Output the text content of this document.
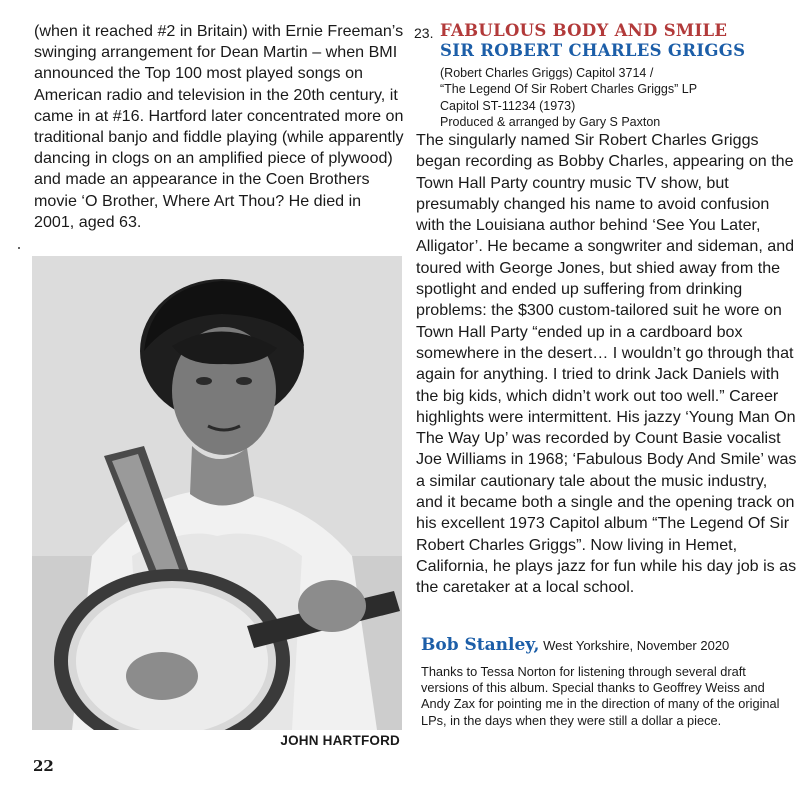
(when it reached #2 in Britain) with Ernie Freeman’s swinging arrangement for Dean Martin – when BMI announced the Top 100 most played songs on American radio and television in the 20th century, it came in at #16. Hartford later concentrated more on traditional banjo and fiddle playing (while apparently dancing in clogs on an amplified piece of plywood) and made an appearance in the Coen Brothers movie ‘O Brother, Where Art Thou? He died in 2001, aged 63.
JOHN HARTFORD
22
23. FABULOUS BODY AND SMILE
SIR ROBERT CHARLES GRIGGS
(Robert Charles Griggs) Capitol 3714 /
“The Legend Of Sir Robert Charles Griggs” LP
Capitol ST-11234 (1973)
Produced & arranged by Gary S Paxton
The singularly named Sir Robert Charles Griggs began recording as Bobby Charles, appearing on the Town Hall Party country music TV show, but presumably changed his name to avoid confusion with the Louisiana author behind ‘See You Later, Alligator’. He became a songwriter and sideman, and toured with George Jones, but shied away from the spotlight and ended up suffering from drinking problems: the $300 custom-tailored suit he wore on Town Hall Party “ended up in a cardboard box somewhere in the desert… I wouldn’t go through that again for anything. I tried to drink Jack Daniels with the big kids, which didn’t work out too well.” Career highlights were intermittent. His jazzy ‘Young Man On The Way Up’ was recorded by Count Basie vocalist Joe Williams in 1968; ‘Fabulous Body And Smile’ was a similar cautionary tale about the music industry, and it became both a single and the opening track on his excellent 1973 Capitol album “The Legend Of Sir Robert Charles Griggs”. Now living in Hemet, California, he plays jazz for fun while his day job is as the caretaker at a local school.
Bob Stanley, West Yorkshire, November 2020
Thanks to Tessa Norton for listening through several draft versions of this album. Special thanks to Geoffrey Weiss and Andy Zax for pointing me in the direction of many of the original LPs, in the days when they were still a dollar a piece.
